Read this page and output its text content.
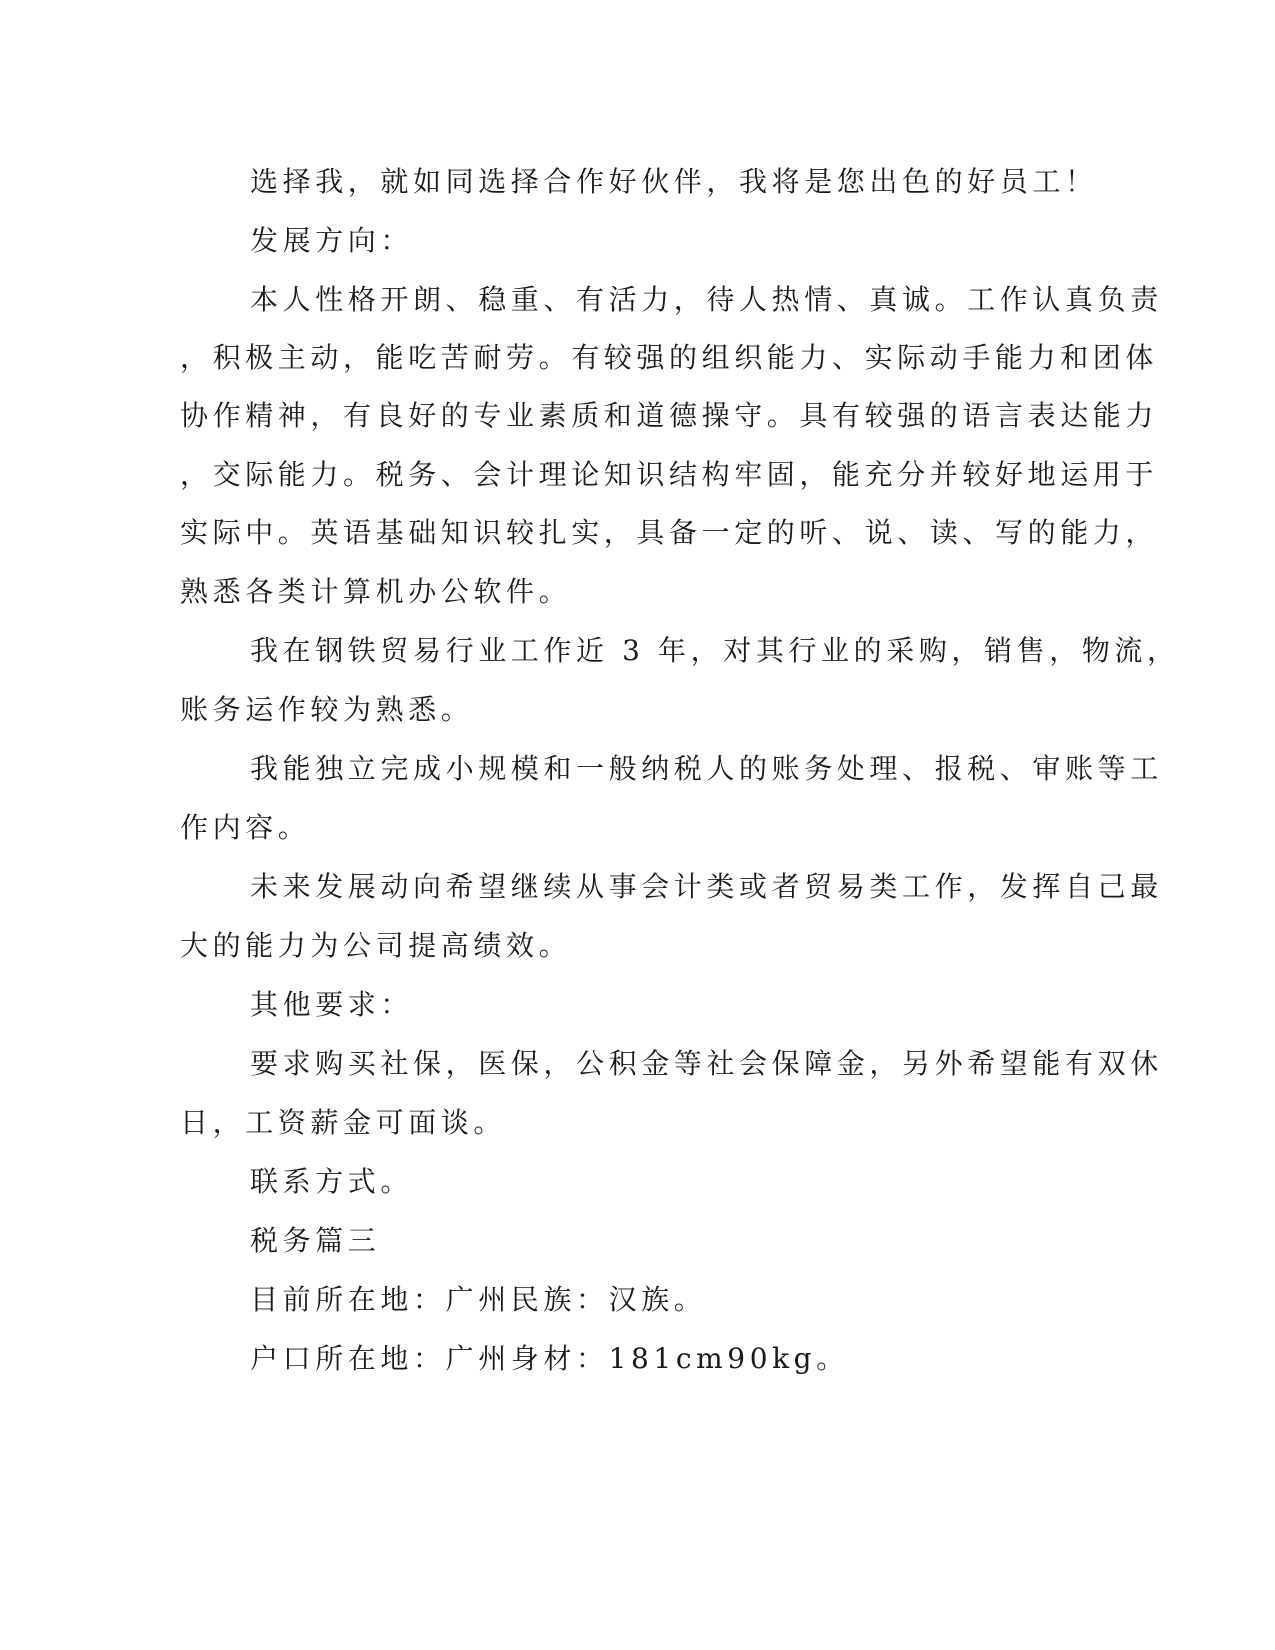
选择我，就如同选择合作好伙伴，我将是您出色的好员工！
发展方向：
本人性格开朗、稳重、有活力，待人热情、真诚。工作认真负责
，积极主动，能吃苦耐劳。有较强的组织能力、实际动手能力和团体
协作精神，有良好的专业素质和道德操守。具有较强的语言表达能力
，交际能力。税务、会计理论知识结构牢固，能充分并较好地运用于
实际中。英语基础知识较扎实，具备一定的听、说、读、写的能力，
熟悉各类计算机办公软件。
我在钢铁贸易行业工作近 3 年，对其行业的采购，销售，物流，
账务运作较为熟悉。
我能独立完成小规模和一般纳税人的账务处理、报税、审账等工
作内容。
未来发展动向希望继续从事会计类或者贸易类工作，发挥自己最
大的能力为公司提高绩效。
其他要求：
要求购买社保，医保，公积金等社会保障金，另外希望能有双休
日，工资薪金可面谈。
联系方式。
税务篇三
目前所在地：广州民族：汉族。
户口所在地：广州身材：181cm90kg。
